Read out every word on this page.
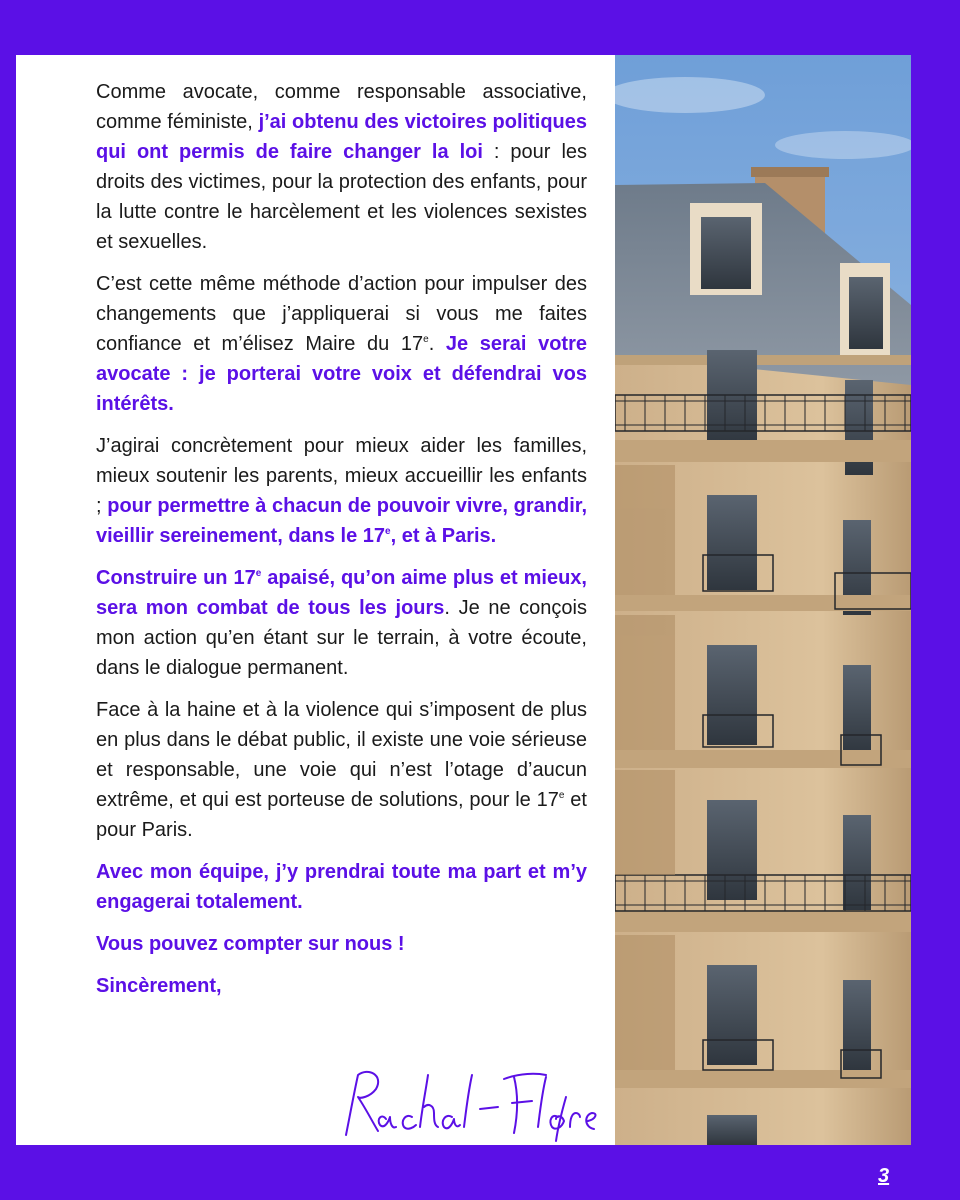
Comme avocate, comme responsable associative, comme féministe, j’ai obtenu des victoires politiques qui ont permis de faire changer la loi : pour les droits des victimes, pour la protection des enfants, pour la lutte contre le harcèlement et les violences sexistes et sexuelles.

C’est cette même méthode d’action pour impulser des changements que j’appliquerai si vous me faites confiance et m’élisez Maire du 17e. Je serai votre avocate : je porterai votre voix et défendrai vos intérêts.

J’agirai concrètement pour mieux aider les familles, mieux soutenir les parents, mieux accueillir les enfants ; pour permettre à chacun de pouvoir vivre, grandir, vieillir sereinement, dans le 17e, et à Paris.

Construire un 17e apaisé, qu’on aime plus et mieux, sera mon combat de tous les jours. Je ne conçois mon action qu’en étant sur le terrain, à votre écoute, dans le dialogue permanent.

Face à la haine et à la violence qui s’imposent de plus en plus dans le débat public, il existe une voie sérieuse et responsable, une voie qui n’est l’otage d’aucun extrême, et qui est porteuse de solutions, pour le 17e et pour Paris.

Avec mon équipe, j’y prendrai toute ma part et m’y engagerai totalement.

Vous pouvez compter sur nous !

Sincèrement,

3
